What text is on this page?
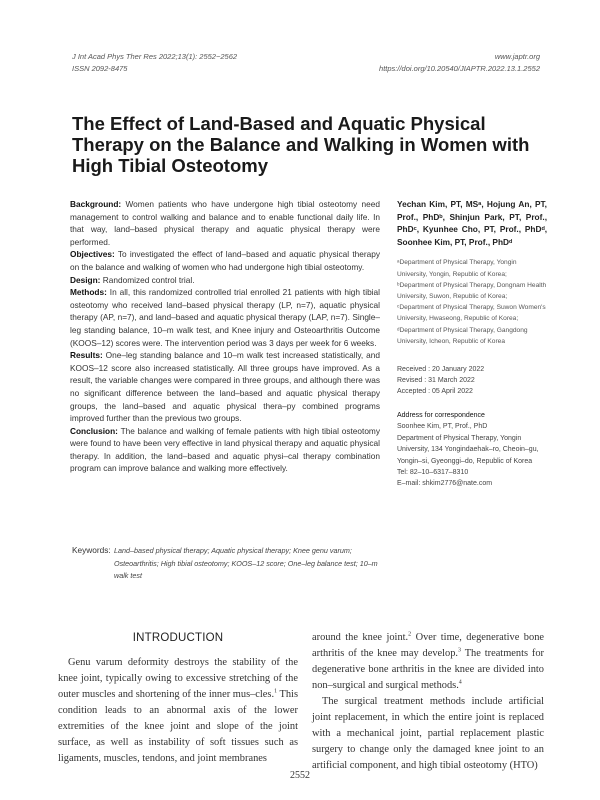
J Int Acad Phys Ther Res 2022;13(1): 2552~2562
ISSN 2092-8475
www.japtr.org
https://doi.org/10.20540/JIAPTR.2022.13.1.2552
The Effect of Land-Based and Aquatic Physical Therapy on the Balance and Walking in Women with High Tibial Osteotomy

Background: Women patients who have undergone high tibial osteotomy need management to control walking and balance and to enable functional daily life. In that way, land–based physical therapy and aquatic physical therapy were performed.

Objectives: To investigated the effect of land–based and aquatic physical therapy on the balance and walking of women who had undergone high tibial osteotomy.

Design: Randomized control trial.

Methods: In all, this randomized controlled trial enrolled 21 patients with high tibial osteotomy who received land–based physical therapy (LP, n=7), aquatic physical therapy (AP, n=7), and land–based and aquatic physical therapy (LAP, n=7). Single–leg standing balance, 10–m walk test, and Knee injury and Osteoarthritis Outcome (KOOS–12) scores were. The intervention period was 3 days per week for 6 weeks.

Results: One–leg standing balance and 10–m walk test increased statistically, and KOOS–12 score also increased statistically. All three groups have improved. As a result, the variable changes were compared in three groups, and although there was no significant difference between the land–based and aquatic physical therapy groups, the land–based and aquatic physical thera–py combined programs improved further than the previous two groups.

Conclusion: The balance and walking of female patients with high tibial osteotomy were found to have been very effective in land physical therapy and aquatic physical therapy. In addition, the land–based and aquatic physi–cal therapy combination program can improve balance and walking more effectively.

Yechan Kim, PT, MSᵃ, Hojung An, PT, Prof., PhDᵇ, Shinjun Park, PT, Prof., PhDᶜ, Kyunhee Cho, PT, Prof., PhDᵈ, Soonhee Kim, PT, Prof., PhDᵈ
ᵃDepartment of Physical Therapy, Yongin University, Yongin, Republic of Korea;
ᵇDepartment of Physical Therapy, Dongnam Health University, Suwon, Republic of Korea;
ᶜDepartment of Physical Therapy, Suwon Women's University, Hwaseong, Republic of Korea;
ᵈDepartment of Physical Therapy, Gangdong University, Icheon, Republic of Korea
Received : 20 January 2022
Revised : 31 March 2022
Accepted : 05 April 2022
Address for correspondence
Soonhee Kim, PT, Prof., PhD
Department of Physical Therapy, Yongin University, 134 Yongindaehak–ro, Cheoin–gu, Yongin–si, Gyeonggi–do, Republic of Korea
Tel: 82–10–6317–8310
E–mail: shkim2776@nate.com
Keywords: Land–based physical therapy; Aquatic physical therapy; Knee genu varum; Osteoarthritis; High tibial osteotomy; KOOS–12 score; One–leg balance test; 10–m walk test
INTRODUCTION

Genu varum deformity destroys the stability of the knee joint, typically owing to excessive stretching of the outer muscles and shortening of the inner mus–cles.$^1$ This condition leads to an abnormal axis of the lower extremities of the knee joint and slope of the joint surface, as well as instability of soft tissues such as ligaments, muscles, tendons, and joint membranes

around the knee joint.$^2$ Over time, degenerative bone arthritis of the knee may develop.$^3$ The treatments for degenerative bone arthritis in the knee are divided into non–surgical and surgical methods.$^4$

The surgical treatment methods include artificial joint replacement, in which the entire joint is replaced with a mechanical joint, partial replacement plastic surgery to change only the damaged knee joint to an artificial component, and high tibial osteotomy (HTO)

2552
